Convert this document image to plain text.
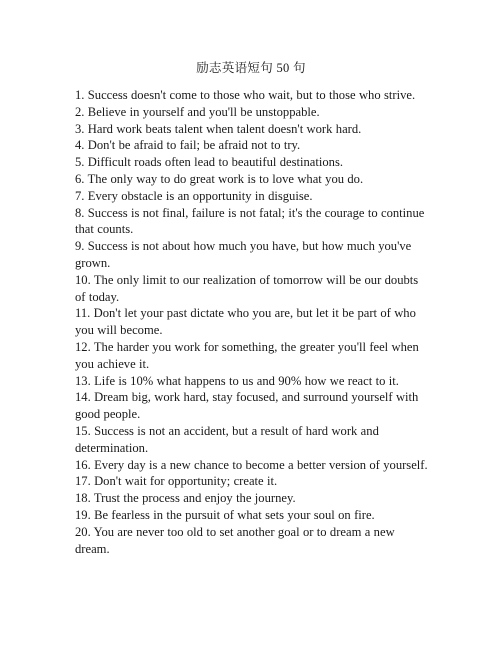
励志英语短句 50 句
1. Success doesn't come to those who wait, but to those who strive.
2. Believe in yourself and you'll be unstoppable.
3. Hard work beats talent when talent doesn't work hard.
4. Don't be afraid to fail; be afraid not to try.
5. Difficult roads often lead to beautiful destinations.
6. The only way to do great work is to love what you do.
7. Every obstacle is an opportunity in disguise.
8. Success is not final, failure is not fatal; it's the courage to continue that counts.
9. Success is not about how much you have, but how much you've grown.
10. The only limit to our realization of tomorrow will be our doubts of today.
11. Don't let your past dictate who you are, but let it be part of who you will become.
12. The harder you work for something, the greater you'll feel when you achieve it.
13. Life is 10% what happens to us and 90% how we react to it.
14. Dream big, work hard, stay focused, and surround yourself with good people.
15. Success is not an accident, but a result of hard work and determination.
16. Every day is a new chance to become a better version of yourself.
17. Don't wait for opportunity; create it.
18. Trust the process and enjoy the journey.
19. Be fearless in the pursuit of what sets your soul on fire.
20. You are never too old to set another goal or to dream a new dream.
